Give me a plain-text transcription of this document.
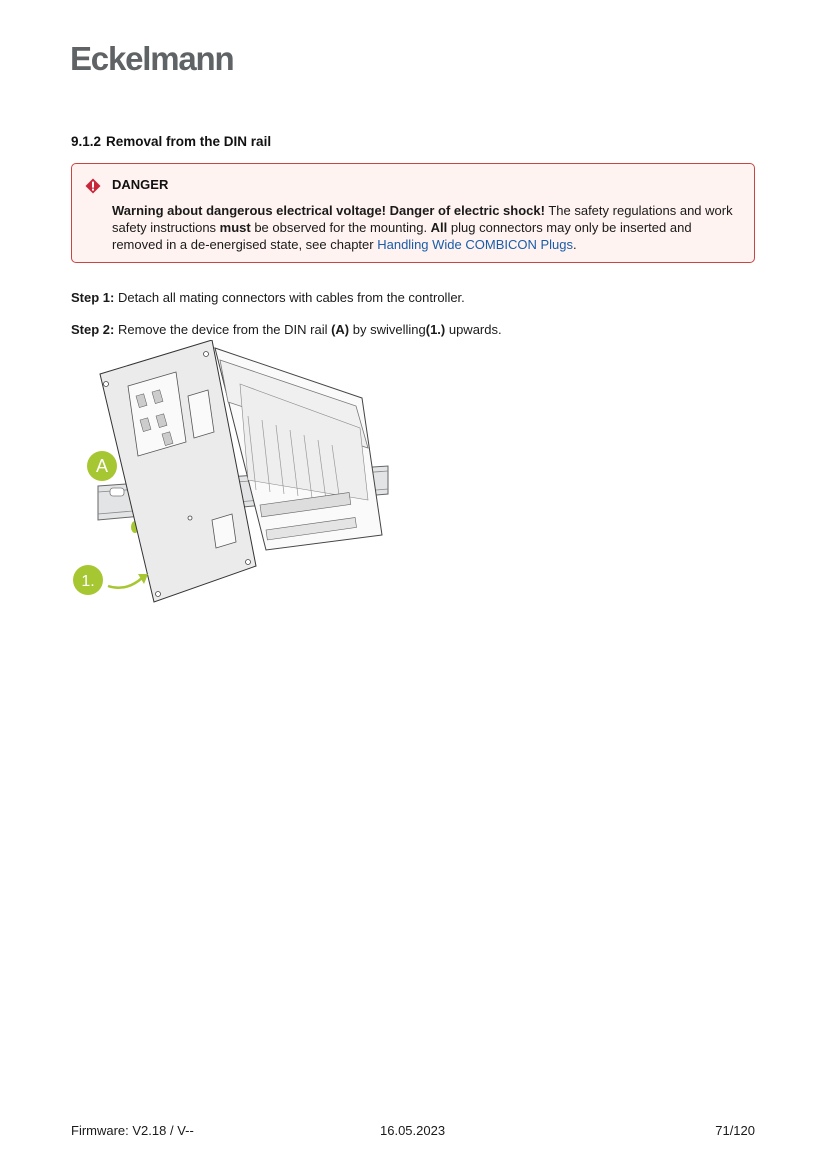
Eckelmann
9.1.2 Removal from the DIN rail
DANGER

Warning about dangerous electrical voltage! Danger of electric shock! The safety regulations and work safety instructions must be observed for the mounting. All plug connectors may only be inserted and removed in a de-energised state, see chapter Handling Wide COMBICON Plugs.

Step 1: Detach all mating connectors with cables from the controller.

Step 2: Remove the device from the DIN rail (A) by swivelling(1.) upwards.

A
1.
Firmware: V2.18 / V--	16.05.2023	71/120
